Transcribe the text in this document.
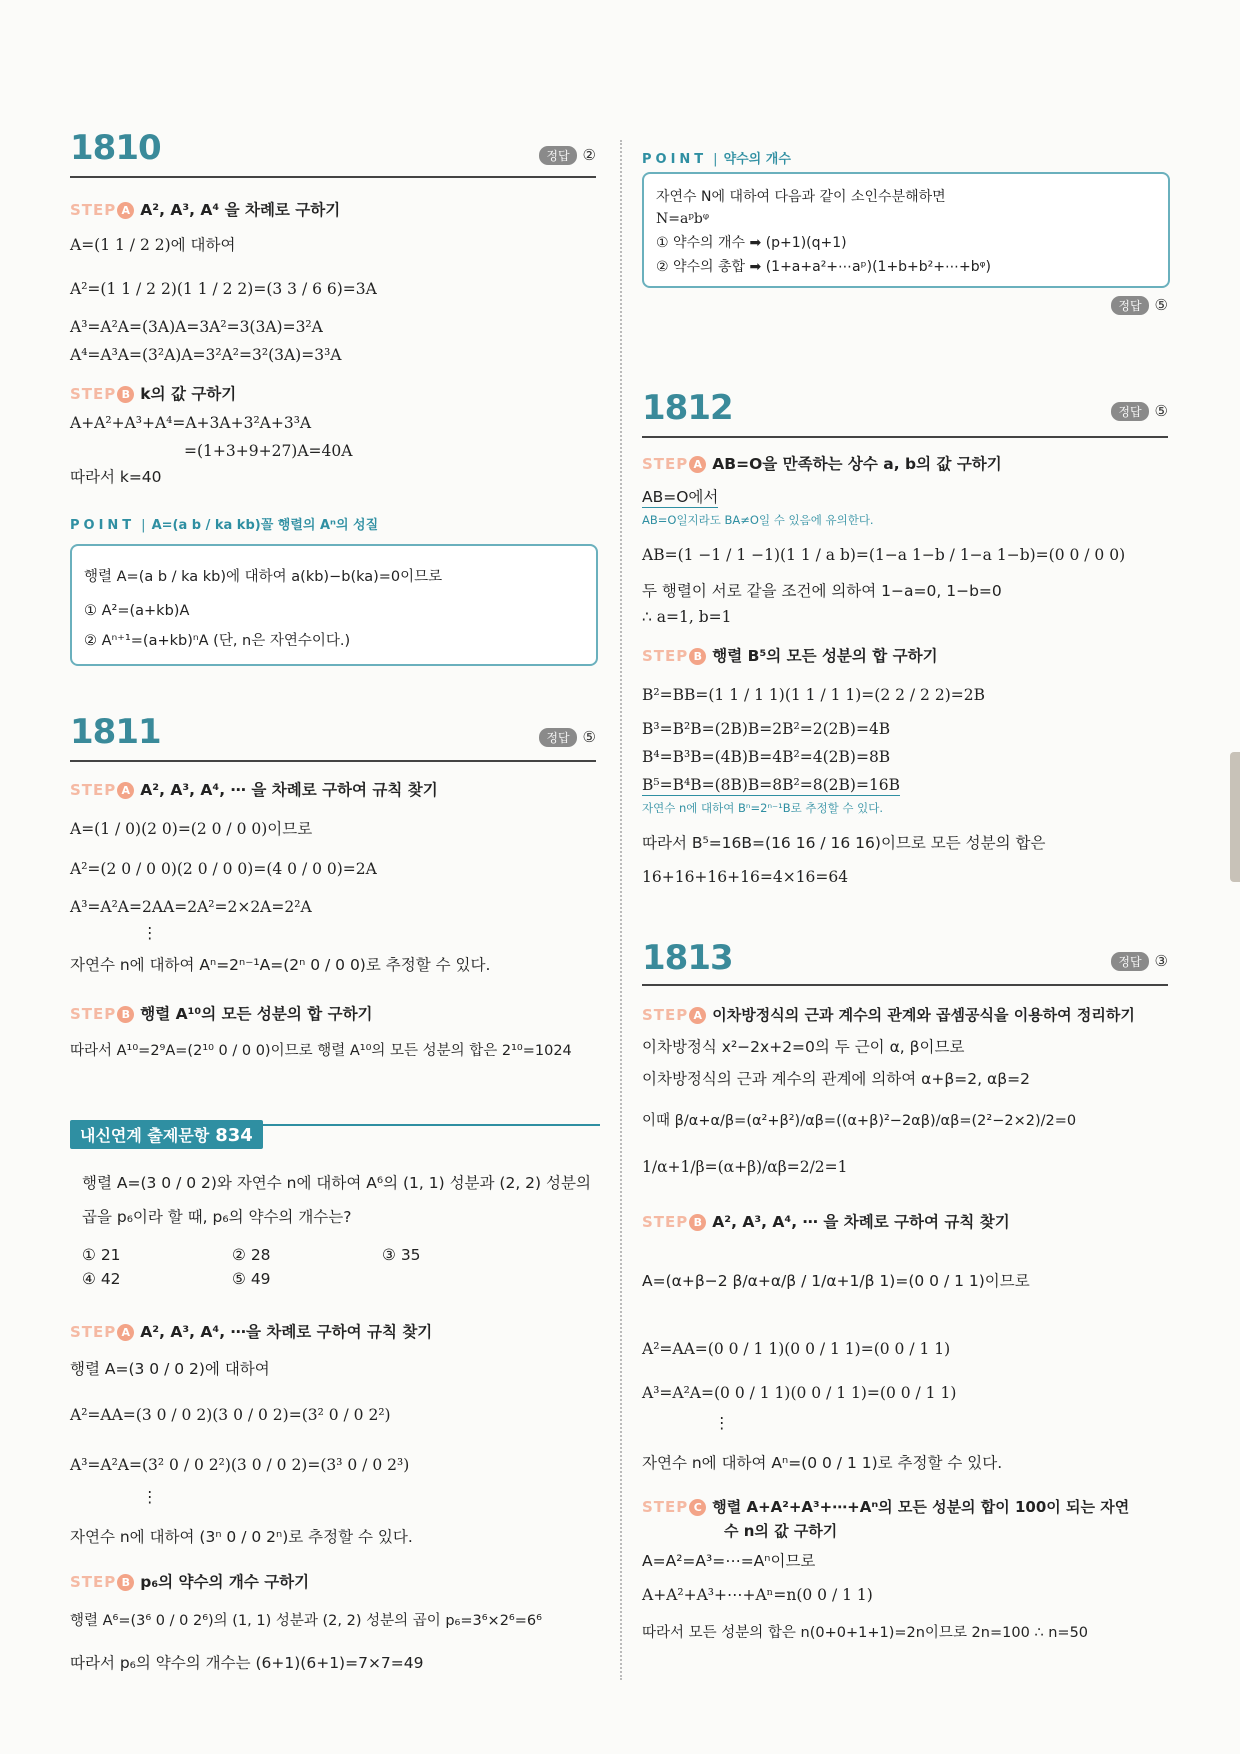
1810	정답 ②
STEP A A², A³, A⁴ 을 차례로 구하기
A=(1 1 / 2 2)에 대하여
A²=(1 1 / 2 2)(1 1 / 2 2)=(3 3 / 6 6)=3A
A³=A²A=(3A)A=3A²=3(3A)=3²A
A⁴=A³A=(3²A)A=3²A²=3²(3A)=3³A
STEP B k의 값 구하기
A+A²+A³+A⁴=A+3A+3²A+3³A
=(1+3+9+27)A=40A
따라서 k=40
POINT | A=(a b / ka kb)꼴 행렬의 Aⁿ의 성질
행렬 A=(a b / ka kb)에 대하여 a(kb)−b(ka)=0이므로
① A²=(a+kb)A
② Aⁿ⁺¹=(a+kb)ⁿA (단, n은 자연수이다.)
1811	정답 ⑤
STEP A A², A³, A⁴, ⋯ 을 차례로 구하여 규칙 찾기
A=(1 / 0)(2 0)=(2 0 / 0 0)이므로
A²=(2 0 / 0 0)(2 0 / 0 0)=(4 0 / 0 0)=2A
A³=A²A=2AA=2A²=2×2A=2²A
⋮
자연수 n에 대하여 Aⁿ=2ⁿ⁻¹A=(2ⁿ 0 / 0 0)로 추정할 수 있다.
STEP B 행렬 A¹⁰의 모든 성분의 합 구하기
따라서 A¹⁰=2⁹A=(2¹⁰ 0 / 0 0)이므로 행렬 A¹⁰의 모든 성분의 합은 2¹⁰=1024
내신연계 출제문항 834
행렬 A=(3 0 / 0 2)와 자연수 n에 대하여 A⁶의 (1, 1) 성분과 (2, 2) 성분의
곱을 p₆이라 할 때, p₆의 약수의 개수는?
① 21	② 28	③ 35
④ 42	⑤ 49
STEP A A², A³, A⁴, ⋯을 차례로 구하여 규칙 찾기
행렬 A=(3 0 / 0 2)에 대하여
A²=AA=(3 0 / 0 2)(3 0 / 0 2)=(3² 0 / 0 2²)
A³=A²A=(3² 0 / 0 2²)(3 0 / 0 2)=(3³ 0 / 0 2³)
⋮
자연수 n에 대하여 (3ⁿ 0 / 0 2ⁿ)로 추정할 수 있다.
STEP B p₆의 약수의 개수 구하기
행렬 A⁶=(3⁶ 0 / 0 2⁶)의 (1, 1) 성분과 (2, 2) 성분의 곱이 p₆=3⁶×2⁶=6⁶
따라서 p₆의 약수의 개수는 (6+1)(6+1)=7×7=49
POINT | 약수의 개수
자연수 N에 대하여 다음과 같이 소인수분해하면
N=aᵖbᵠ
① 약수의 개수 ➡ (p+1)(q+1)
② 약수의 총합 ➡ (1+a+a²+⋯aᵖ)(1+b+b²+⋯+bᵠ)
정답 ⑤
1812	정답 ⑤
STEP A AB=O을 만족하는 상수 a, b의 값 구하기
AB=O에서
AB=O일지라도 BA≠O일 수 있음에 유의한다.
AB=(1 −1 / 1 −1)(1 1 / a b)=(1−a 1−b / 1−a 1−b)=(0 0 / 0 0)
두 행렬이 서로 같을 조건에 의하여 1−a=0, 1−b=0
∴ a=1, b=1
STEP B 행렬 B⁵의 모든 성분의 합 구하기
B²=BB=(1 1 / 1 1)(1 1 / 1 1)=(2 2 / 2 2)=2B
B³=B²B=(2B)B=2B²=2(2B)=4B
B⁴=B³B=(4B)B=4B²=4(2B)=8B
B⁵=B⁴B=(8B)B=8B²=8(2B)=16B
자연수 n에 대하여 Bⁿ=2ⁿ⁻¹B로 추정할 수 있다.
따라서 B⁵=16B=(16 16 / 16 16)이므로 모든 성분의 합은
16+16+16+16=4×16=64
1813	정답 ③
STEP A 이차방정식의 근과 계수의 관계와 곱셈공식을 이용하여 정리하기
이차방정식 x²−2x+2=0의 두 근이 α, β이므로
이차방정식의 근과 계수의 관계에 의하여 α+β=2, αβ=2
이때 β/α+α/β=(α²+β²)/αβ=((α+β)²−2αβ)/αβ=(2²−2×2)/2=0
1/α+1/β=(α+β)/αβ=2/2=1
STEP B A², A³, A⁴, ⋯ 을 차례로 구하여 규칙 찾기
A=(α+β−2 β/α+α/β / 1/α+1/β 1)=(0 0 / 1 1)이므로
A²=AA=(0 0 / 1 1)(0 0 / 1 1)=(0 0 / 1 1)
A³=A²A=(0 0 / 1 1)(0 0 / 1 1)=(0 0 / 1 1)
⋮
자연수 n에 대하여 Aⁿ=(0 0 / 1 1)로 추정할 수 있다.
STEP C 행렬 A+A²+A³+⋯+Aⁿ의 모든 성분의 합이 100이 되는 자연
수 n의 값 구하기
A=A²=A³=⋯=Aⁿ이므로
A+A²+A³+⋯+Aⁿ=n(0 0 / 1 1)
따라서 모든 성분의 합은 n(0+0+1+1)=2n이므로 2n=100 ∴ n=50
